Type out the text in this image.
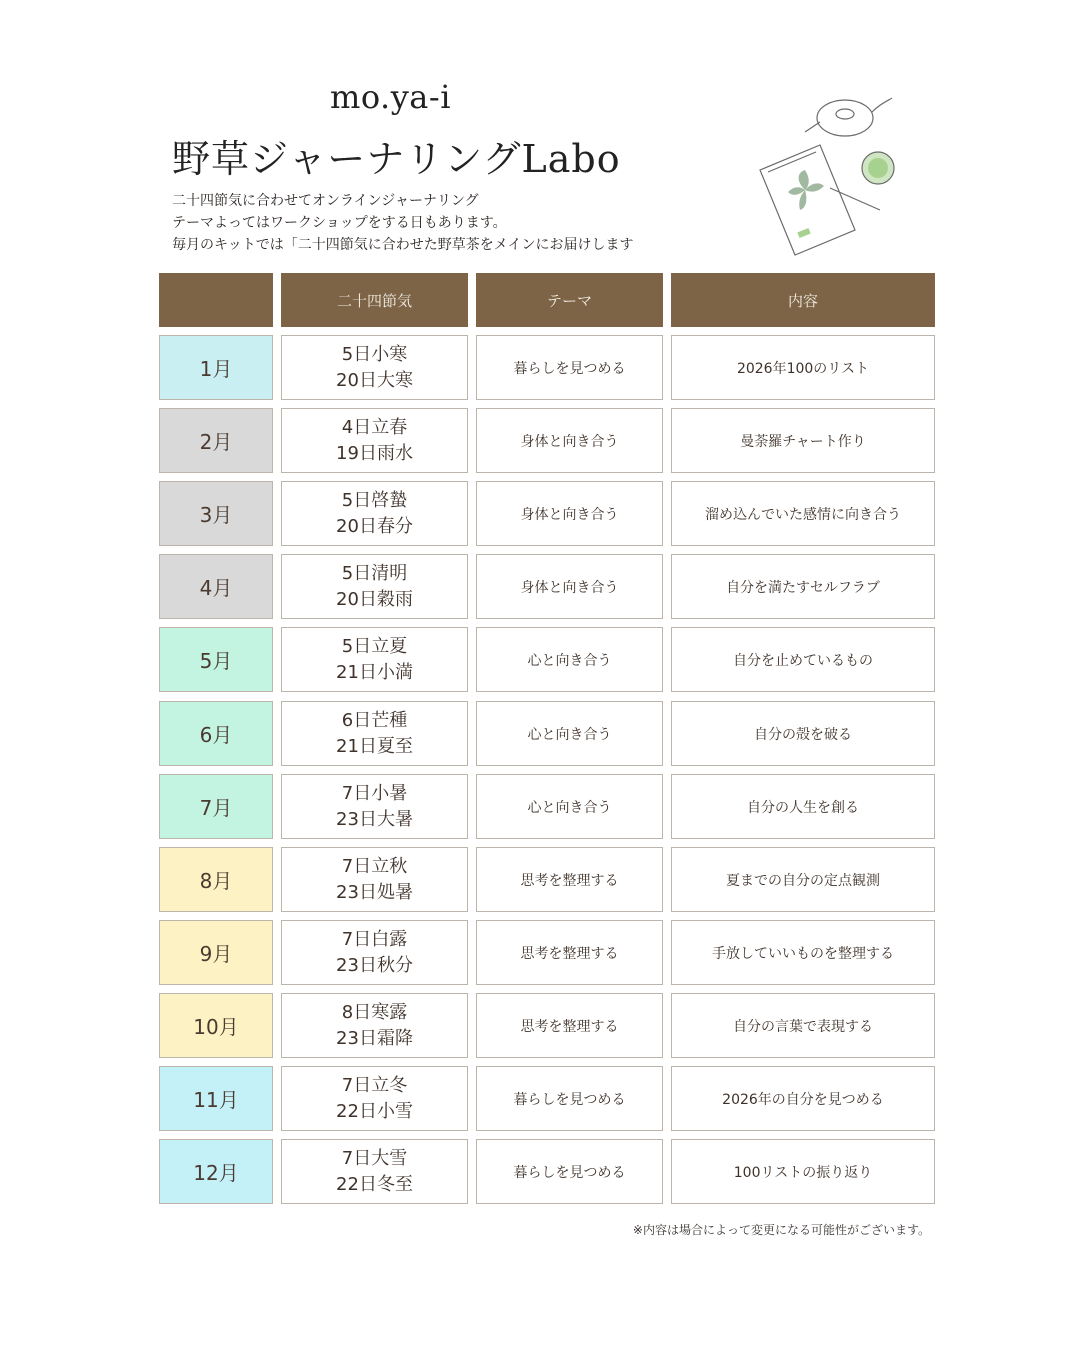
mo.ya-i
野草ジャーナリングLabo
二十四節気に合わせてオンラインジャーナリング
テーマよってはワークショップをする日もあります。
毎月のキットでは「二十四節気に合わせた野草茶をメインにお届けします
二十四節気	テーマ	内容
1月
5日小寒
20日大寒
暮らしを見つめる	2026年100のリスト
2月
4日立春
19日雨水
身体と向き合う	曼荼羅チャート作り
3月
5日啓蟄
20日春分
身体と向き合う	溜め込んでいた感情に向き合う
4月
5日清明
20日穀雨
身体と向き合う	自分を満たすセルフラブ
5月
5日立夏
21日小満
心と向き合う	自分を止めているもの
6月
6日芒種
21日夏至
心と向き合う	自分の殻を破る
7月
7日小暑
23日大暑
心と向き合う	自分の人生を創る
8月
7日立秋
23日処暑
思考を整理する	夏までの自分の定点観測
9月
7日白露
23日秋分
思考を整理する	手放していいものを整理する
10月
8日寒露
23日霜降
思考を整理する	自分の言葉で表現する
11月
7日立冬
22日小雪
暮らしを見つめる	2026年の自分を見つめる
12月
7日大雪
22日冬至
暮らしを見つめる	100リストの振り返り
※内容は場合によって変更になる可能性がございます。
